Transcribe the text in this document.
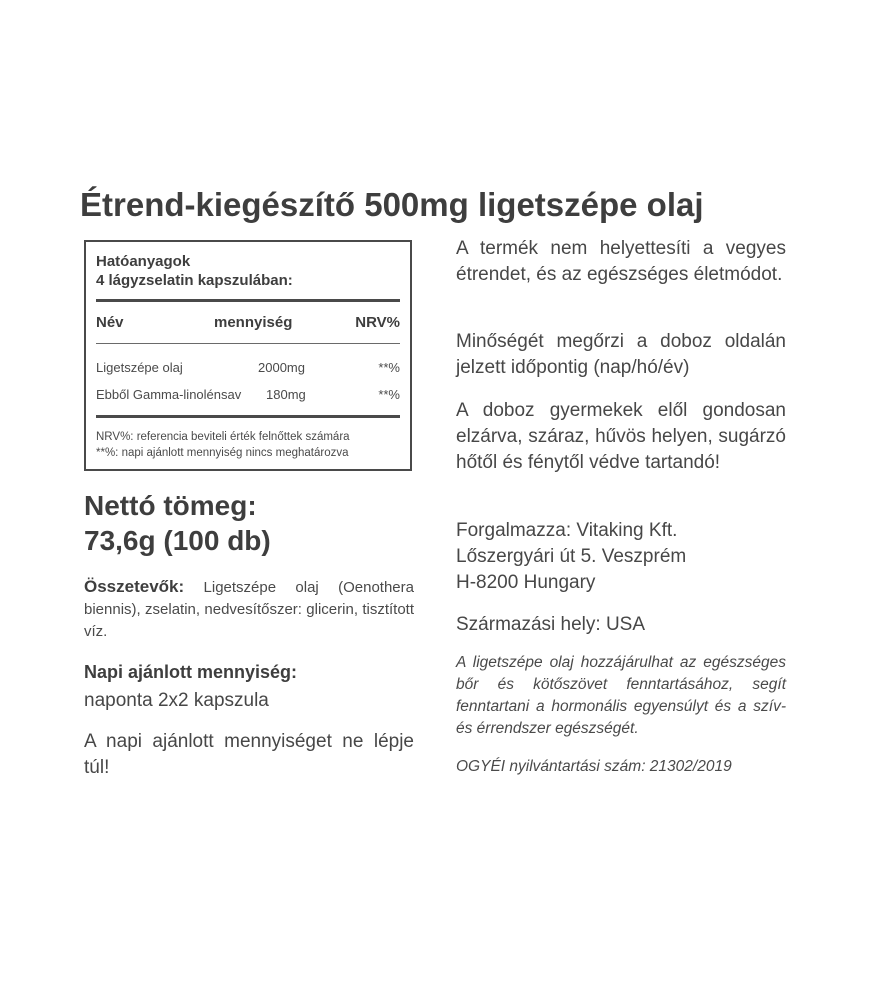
Étrend-kiegészítő 500mg ligetszépe olaj
Hatóanyagok
4 lágyzselatin kapszulában:
Név	mennyiség	NRV%
Ligetszépe olaj	2000mg	**%
Ebből Gamma-linolénsav 180mg	**%
NRV%: referencia beviteli érték felnőttek számára
**%: napi ajánlott mennyiség nincs meghatározva
Nettó tömeg:
73,6g (100 db)
Összetevők: Ligetszépe olaj (Oenothera biennis), zselatin, nedvesítőszer: glicerin, tisztított víz.
Napi ajánlott mennyiség:
naponta 2x2 kapszula
A napi ajánlott mennyiséget ne lépje túl!
A termék nem helyettesíti a vegyes étrendet, és az egészséges életmódot.
Minőségét megőrzi a doboz oldalán jelzett időpontig (nap/hó/év)
A doboz gyermekek elől gondosan elzárva, száraz, hűvös helyen, sugárzó hőtől és fénytől védve tartandó!
Forgalmazza: Vitaking Kft.
Lőszergyári út 5. Veszprém
H-8200 Hungary
Származási hely: USA
A ligetszépe olaj hozzájárulhat az egészséges bőr és kötőszövet fenntartásához, segít fenntartani a hormonális egyensúlyt és a szív-és érrendszer egészségét.
OGYÉI nyilvántartási szám: 21302/2019
